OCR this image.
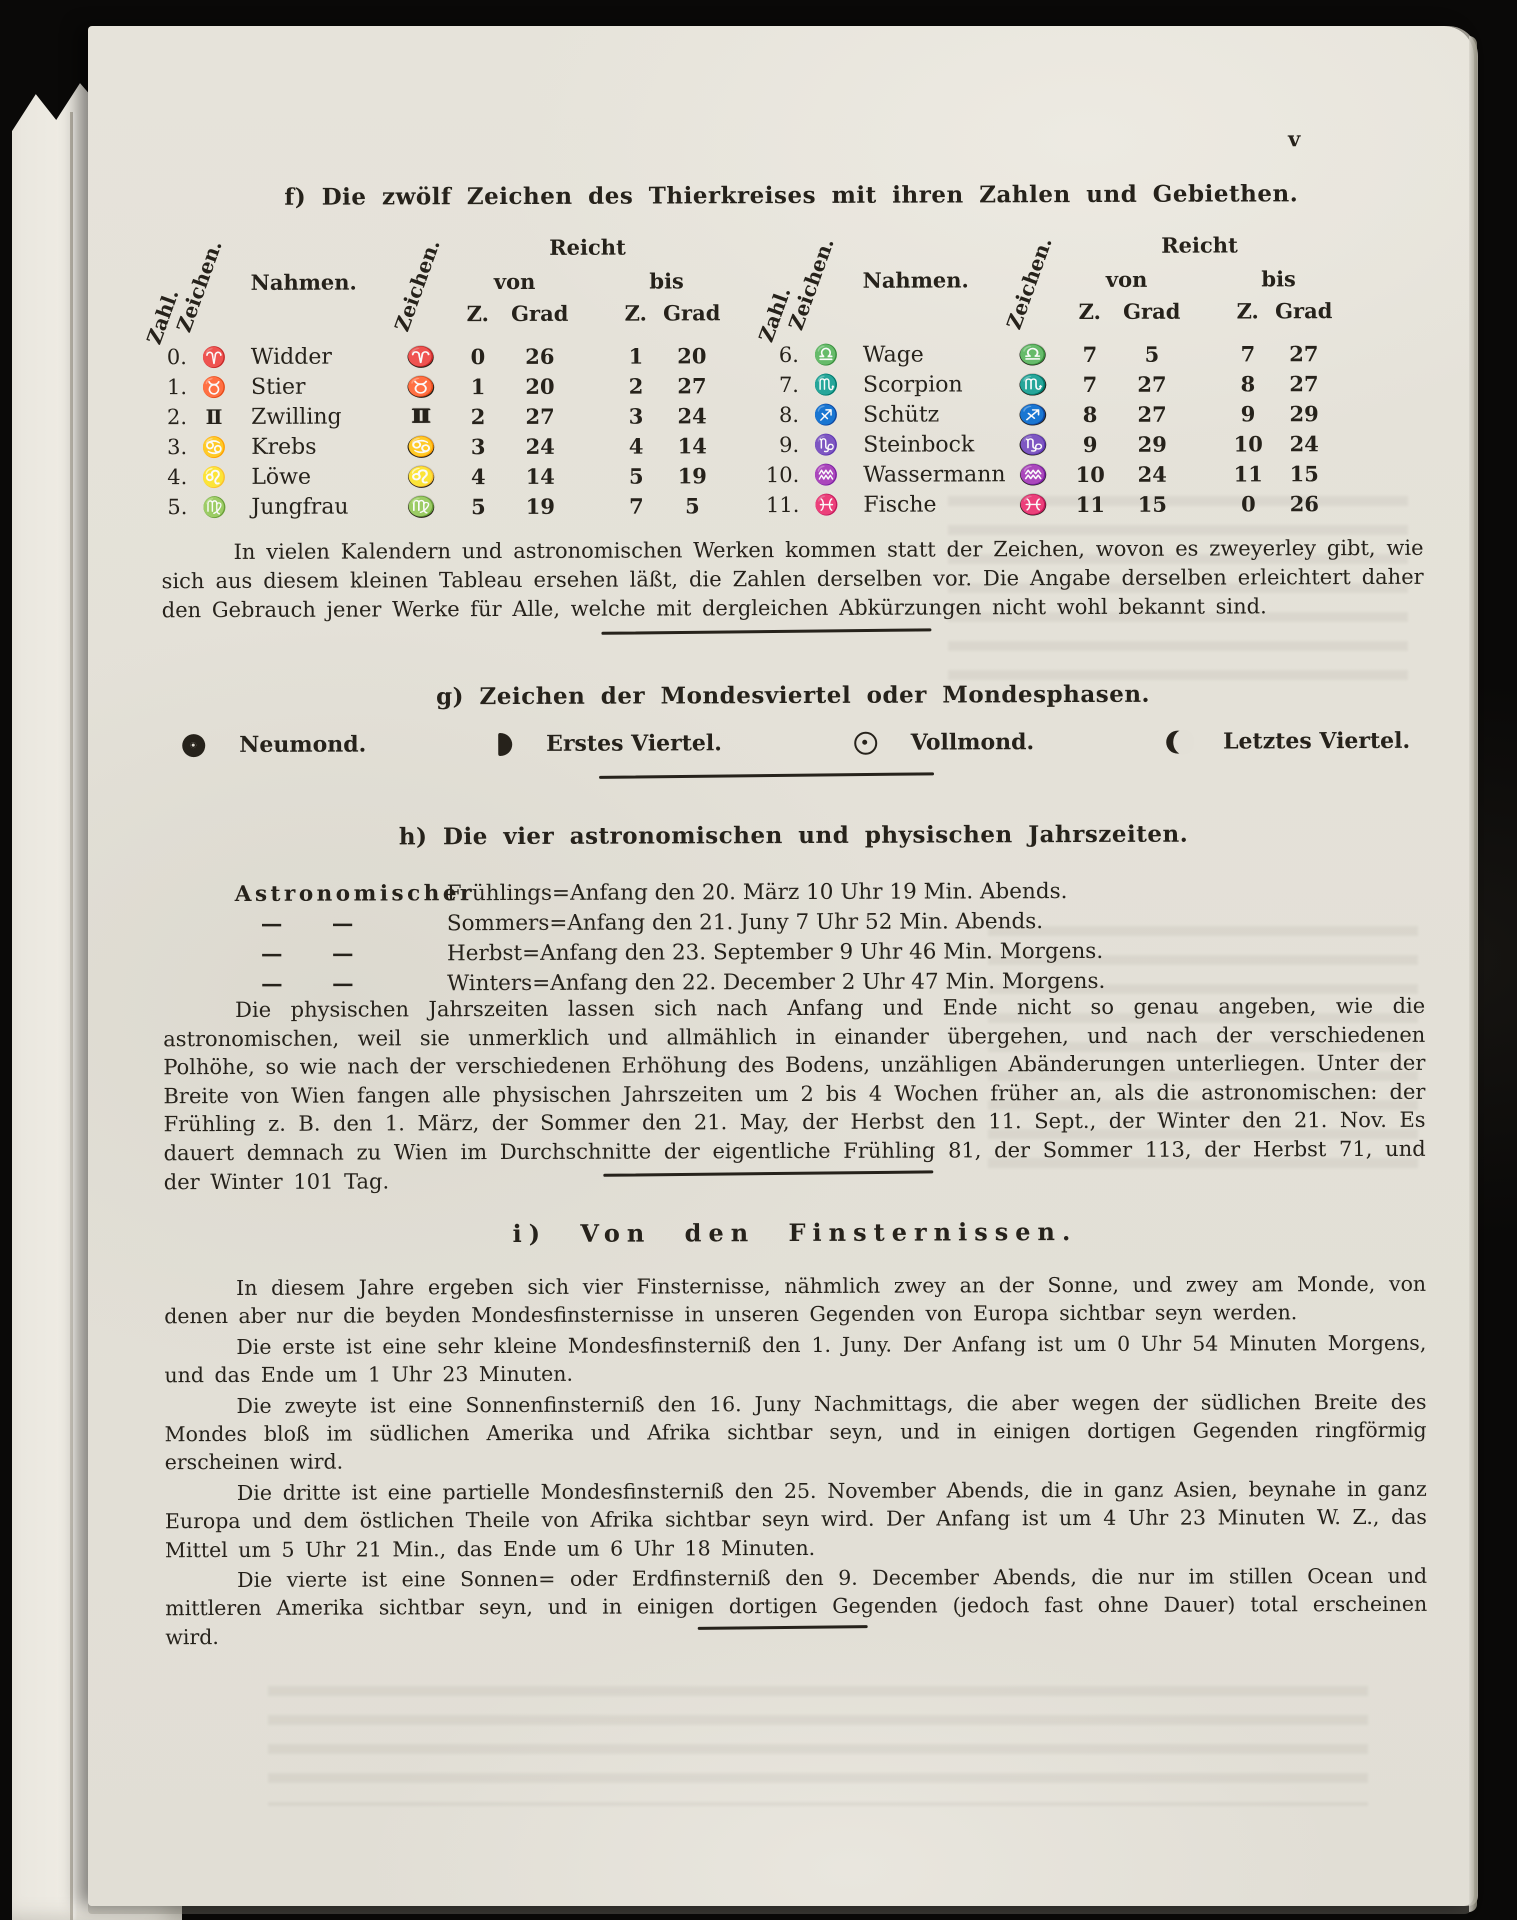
v
f) Die zwölf Zeichen des Thierkreises mit ihren Zahlen und Gebiethen.
Zahl.
Zeichen.	Nahmen.	Zeichen.	Reicht
von	bis
Z.	Grad	Z. Grad
0. ♈	Widder	♈	0	26	1	20
1. ♉	Stier	♉	1	20	2	27
2. Ⅱ	Zwilling	Ⅱ	2	27	3	24
3. ♋	Krebs	♋	3	24	4	14
4. ♌	Löwe	♌	4	14	5	19
5. ♍	Jungfrau	♍	5	19	7	5
Zahl.
Zeichen.	Nahmen.	Zeichen.	Reicht
von	bis
Z.	Grad	Z. Grad
6. ♎	Wage	♎	7	5	7	27
7. ♏	Scorpion	♏	7	27	8	27
8. ♐	Schütz	♐	8	27	9	29
9. ♑	Steinbock	♑	9	29	10	24
10. ♒	Wassermann ♒	10	24	11	15
11. ♓	Fische	♓	11	15	0	26

In vielen Kalendern und astronomischen Werken kommen statt der Zeichen, wovon es zweyerley gibt, wie sich aus diesem kleinen Tableau ersehen läßt, die Zahlen derselben vor. Die Angabe derselben erleichtert daher den Gebrauch jener Werke für Alle, welche mit dergleichen Abkürzungen nicht wohl bekannt sind.

g) Zeichen der Mondesviertel oder Mondesphasen.
Neumond.	Erstes Viertel.	Vollmond.	Letztes Viertel.
h) Die vier astronomischen und physischen Jahrszeiten.
AstronomischerFrühlings=Anfang den 20. März 10 Uhr 19 Min. Abends.
— —	Sommers=Anfang den 21. Juny 7 Uhr 52 Min. Abends.
— —	Herbst=Anfang den 23. September 9 Uhr 46 Min. Morgens.
— —	Winters=Anfang den 22. December 2 Uhr 47 Min. Morgens.

Die physischen Jahrszeiten lassen sich nach Anfang und Ende nicht so genau angeben, wie die astronomischen, weil sie unmerklich und allmählich in einander übergehen, und nach der verschiedenen Polhöhe, so wie nach der verschiedenen Erhöhung des Bodens, unzähligen Abänderungen unterliegen. Unter der Breite von Wien fangen alle physischen Jahrszeiten um 2 bis 4 Wochen früher an, als die astronomischen: der Frühling z. B. den 1. März, der Sommer den 21. May, der Herbst den 11. Sept., der Winter den 21. Nov. Es dauert demnach zu Wien im Durchschnitte der eigentliche Frühling 81, der Sommer 113, der Herbst 71, und der Winter 101 Tag.

i) Von den Finsternissen.

In diesem Jahre ergeben sich vier Finsternisse, nähmlich zwey an der Sonne, und zwey am Monde, von denen aber nur die beyden Mondesfinsternisse in unseren Gegenden von Europa sichtbar seyn werden.

Die erste ist eine sehr kleine Mondesfinsterniß den 1. Juny. Der Anfang ist um 0 Uhr 54 Minuten Morgens, und das Ende um 1 Uhr 23 Minuten.

Die zweyte ist eine Sonnenfinsterniß den 16. Juny Nachmittags, die aber wegen der südlichen Breite des Mondes bloß im südlichen Amerika und Afrika sichtbar seyn, und in einigen dortigen Gegenden ringförmig erscheinen wird.

Die dritte ist eine partielle Mondesfinsterniß den 25. November Abends, die in ganz Asien, beynahe in ganz Europa und dem östlichen Theile von Afrika sichtbar seyn wird. Der Anfang ist um 4 Uhr 23 Minuten W. Z., das Mittel um 5 Uhr 21 Min., das Ende um 6 Uhr 18 Minuten.

Die vierte ist eine Sonnen= oder Erdfinsterniß den 9. December Abends, die nur im stillen Ocean und mittleren Amerika sichtbar seyn, und in einigen dortigen Gegenden (jedoch fast ohne Dauer) total erscheinen wird.
